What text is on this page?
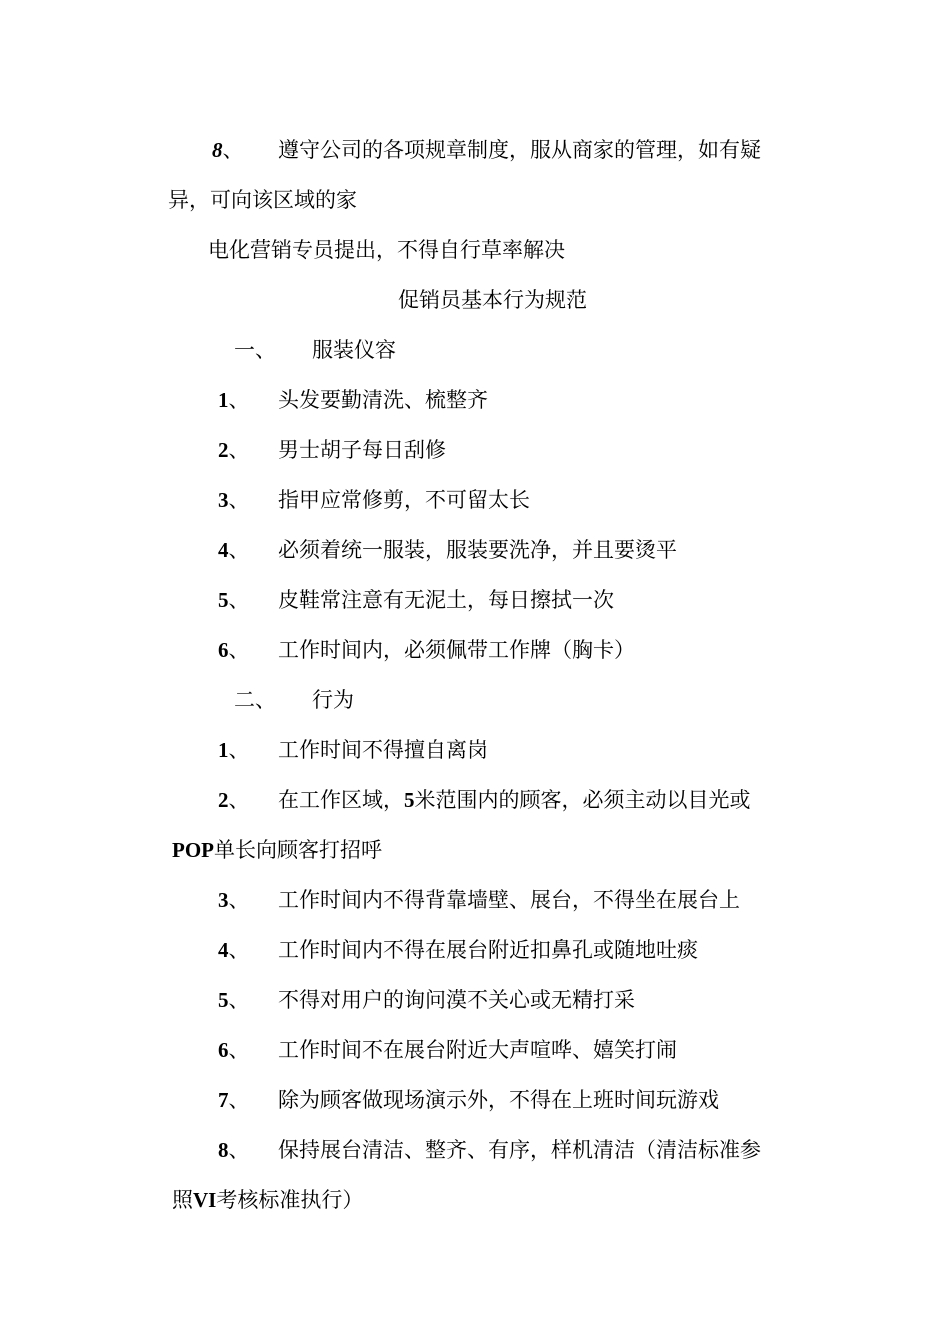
8、 遵守公司的各项规章制度，服从商家的管理，如有疑
异，可向该区域的家
电化营销专员提出，不得自行草率解决
促销员基本行为规范
一、 服装仪容
1、 头发要勤清洗、梳整齐
2、 男士胡子每日刮修
3、 指甲应常修剪，不可留太长
4、 必须着统一服装，服装要洗净，并且要烫平
5、 皮鞋常注意有无泥土，每日擦拭一次
6、 工作时间内，必须佩带工作牌（胸卡）
二、 行为
1、 工作时间不得擅自离岗
2、 在工作区域，5米范围内的顾客，必须主动以目光或
POP单长向顾客打招呼
3、 工作时间内不得背靠墙壁、展台，不得坐在展台上
4、 工作时间内不得在展台附近扣鼻孔或随地吐痰
5、 不得对用户的询问漠不关心或无精打采
6、 工作时间不在展台附近大声喧哗、嬉笑打闹
7、 除为顾客做现场演示外，不得在上班时间玩游戏
8、 保持展台清洁、整齐、有序，样机清洁（清洁标准参
照VI考核标准执行）
